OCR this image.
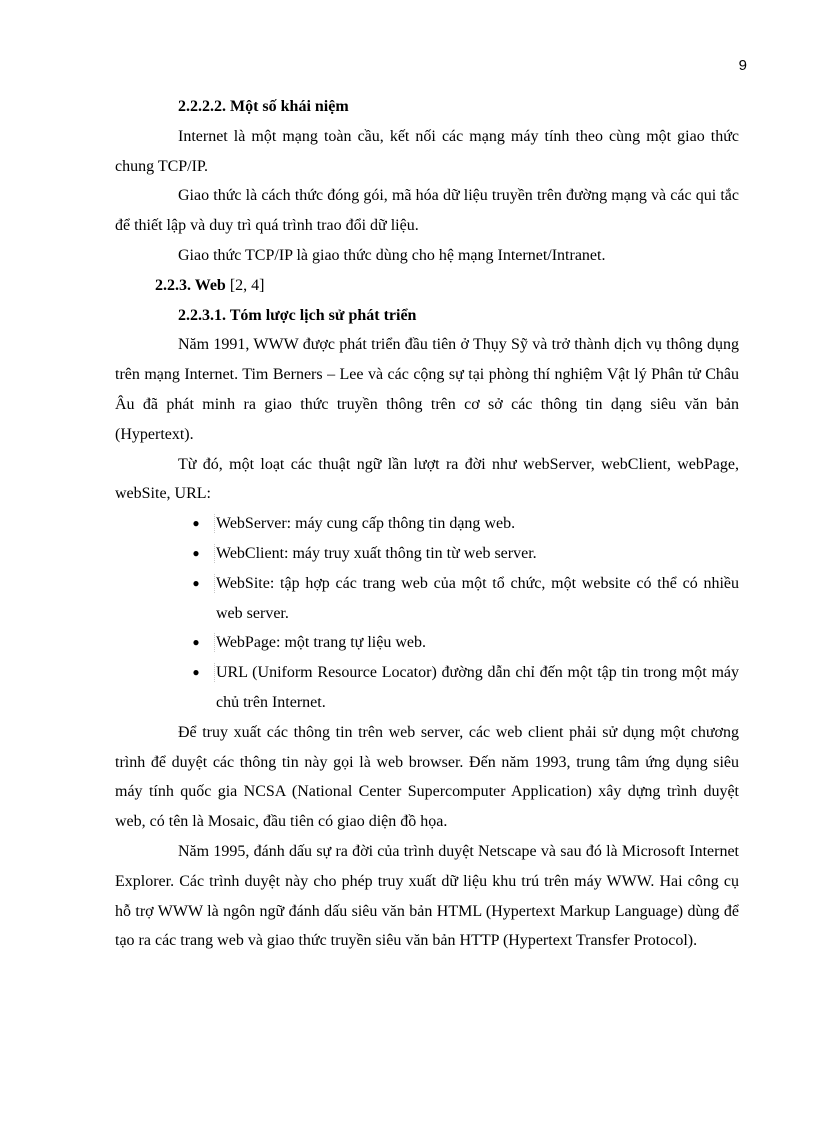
9

2.2.2.2. Một số khái niệm

Internet là một mạng toàn cầu, kết nối các mạng máy tính theo cùng một giao thức chung TCP/IP.

Giao thức là cách thức đóng gói, mã hóa dữ liệu truyền trên đường mạng và các qui tắc để thiết lập và duy trì quá trình trao đổi dữ liệu.

Giao thức TCP/IP là giao thức dùng cho hệ mạng Internet/Intranet.

2.2.3. Web [2, 4]

2.2.3.1. Tóm lược lịch sử phát triển

Năm 1991, WWW được phát triển đầu tiên ở Thụy Sỹ và trở thành dịch vụ thông dụng trên mạng Internet. Tim Berners – Lee và các cộng sự tại phòng thí nghiệm Vật lý Phân tử Châu Âu đã phát minh ra giao thức truyền thông trên cơ sở các thông tin dạng siêu văn bản (Hypertext).

Từ đó, một loạt các thuật ngữ lần lượt ra đời như webServer, webClient, webPage, webSite, URL:

● WebServer: máy cung cấp thông tin dạng web.
● WebClient: máy truy xuất thông tin từ web server.
● WebSite: tập hợp các trang web của một tổ chức, một website có thể có nhiều web server.
● WebPage: một trang tự liệu web.
● URL (Uniform Resource Locator) đường dẫn chỉ đến một tập tin trong một máy chủ trên Internet.

Để truy xuất các thông tin trên web server, các web client phải sử dụng một chương trình để duyệt các thông tin này gọi là web browser. Đến năm 1993, trung tâm ứng dụng siêu máy tính quốc gia NCSA (National Center Supercomputer Application) xây dựng trình duyệt web, có tên là Mosaic, đầu tiên có giao diện đồ họa.

Năm 1995, đánh dấu sự ra đời của trình duyệt Netscape và sau đó là Microsoft Internet Explorer. Các trình duyệt này cho phép truy xuất dữ liệu khu trú trên máy WWW. Hai công cụ hỗ trợ WWW là ngôn ngữ đánh dấu siêu văn bản HTML (Hypertext Markup Language) dùng để tạo ra các trang web và giao thức truyền siêu văn bản HTTP (Hypertext Transfer Protocol).
